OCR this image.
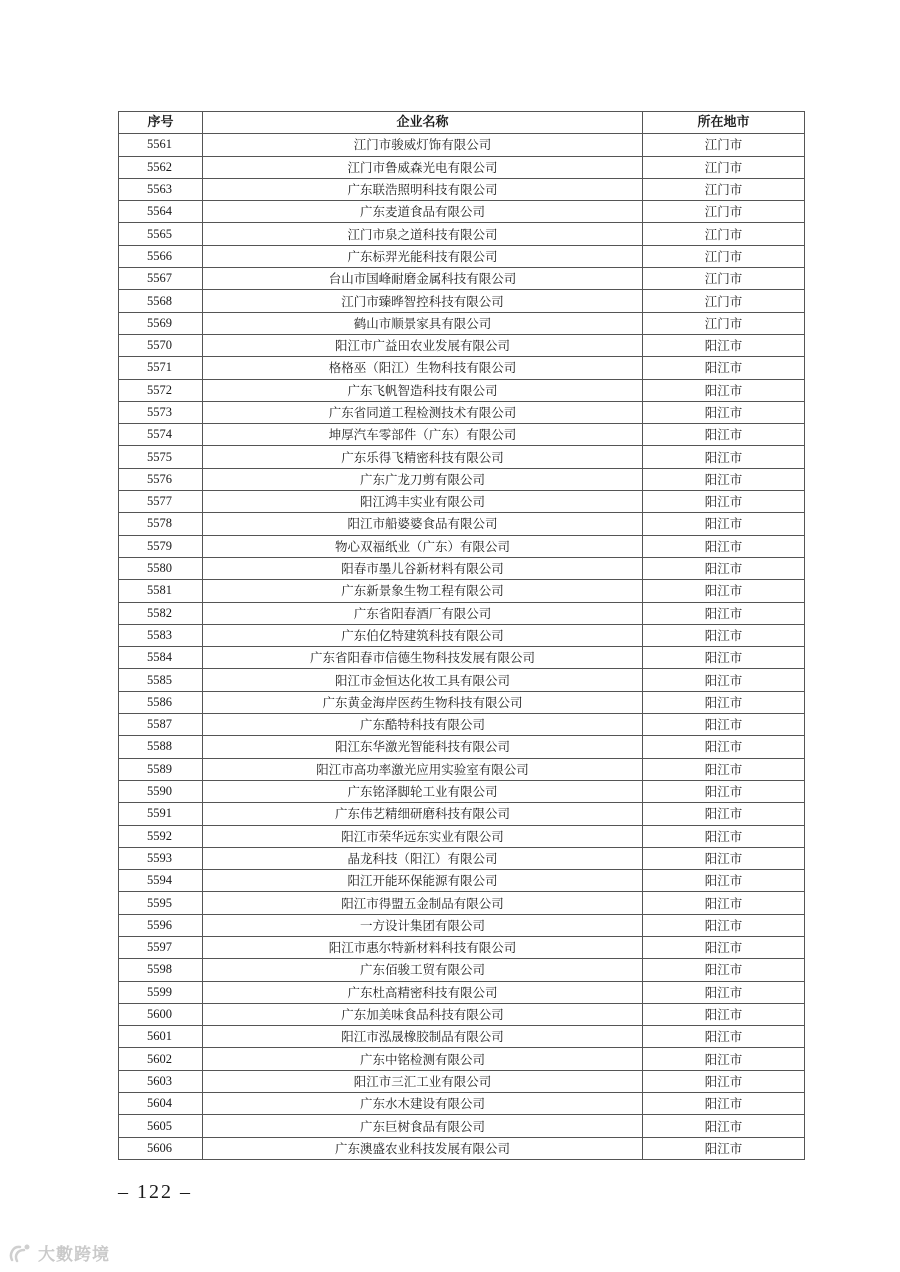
序号	企业名称	所在地市
5561	江门市骏威灯饰有限公司	江门市
5562	江门市鲁威森光电有限公司	江门市
5563	广东联浩照明科技有限公司	江门市
5564	广东麦道食品有限公司	江门市
5565	江门市泉之道科技有限公司	江门市
5566	广东标羿光能科技有限公司	江门市
5567	台山市国峰耐磨金属科技有限公司	江门市
5568	江门市臻晔智控科技有限公司	江门市
5569	鹤山市顺景家具有限公司	江门市
5570	阳江市广益田农业发展有限公司	阳江市
5571	格格巫（阳江）生物科技有限公司	阳江市
5572	广东飞帆智造科技有限公司	阳江市
5573	广东省同道工程检测技术有限公司	阳江市
5574	坤厚汽车零部件（广东）有限公司	阳江市
5575	广东乐得飞精密科技有限公司	阳江市
5576	广东广龙刀剪有限公司	阳江市
5577	阳江鸿丰实业有限公司	阳江市
5578	阳江市船婆婆食品有限公司	阳江市
5579	物心双福纸业（广东）有限公司	阳江市
5580	阳春市墨儿谷新材料有限公司	阳江市
5581	广东新景象生物工程有限公司	阳江市
5582	广东省阳春酒厂有限公司	阳江市
5583	广东伯亿特建筑科技有限公司	阳江市
5584	广东省阳春市信德生物科技发展有限公司	阳江市
5585	阳江市金恒达化妆工具有限公司	阳江市
5586	广东黄金海岸医药生物科技有限公司	阳江市
5587	广东酷特科技有限公司	阳江市
5588	阳江东华激光智能科技有限公司	阳江市
5589	阳江市高功率激光应用实验室有限公司	阳江市
5590	广东铭泽脚轮工业有限公司	阳江市
5591	广东伟艺精细研磨科技有限公司	阳江市
5592	阳江市荣华远东实业有限公司	阳江市
5593	晶龙科技（阳江）有限公司	阳江市
5594	阳江开能环保能源有限公司	阳江市
5595	阳江市得盟五金制品有限公司	阳江市
5596	一方设计集团有限公司	阳江市
5597	阳江市惠尔特新材料科技有限公司	阳江市
5598	广东佰骏工贸有限公司	阳江市
5599	广东杜高精密科技有限公司	阳江市
5600	广东加美味食品科技有限公司	阳江市
5601	阳江市泓晟橡胶制品有限公司	阳江市
5602	广东中铭检测有限公司	阳江市
5603	阳江市三汇工业有限公司	阳江市
5604	广东水木建设有限公司	阳江市
5605	广东巨树食品有限公司	阳江市
5606	广东澳盛农业科技发展有限公司	阳江市
– 122 –
大數跨境
